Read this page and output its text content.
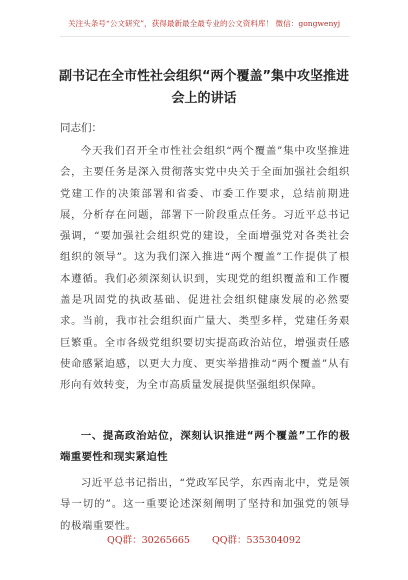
关注头条号“公文研究”，获得最新最全最专业的公文资料库！ 微信：gongwenyj
副书记在全市性社会组织“两个覆盖”集中攻坚推进会上的讲话

同志们：

今天我们召开全市性社会组织“两个覆盖”集中攻坚推进会，主要任务是深入贯彻落实党中央关于全面加强社会组织党建工作的决策部署和省委、市委工作要求，总结前期进展，分析存在问题，部署下一阶段重点任务。习近平总书记强调，“要加强社会组织党的建设，全面增强党对各类社会组织的领导”。这为我们深入推进“两个覆盖”工作提供了根本遵循。我们必须深刻认识到，实现党的组织覆盖和工作覆盖是巩固党的执政基础、促进社会组织健康发展的必然要求。当前，我市社会组织面广量大、类型多样，党建任务艰巨繁重。全市各级党组织要切实提高政治站位，增强责任感使命感紧迫感，以更大力度、更实举措推动“两个覆盖”从有形向有效转变，为全市高质量发展提供坚强组织保障。

一、提高政治站位，深刻认识推进“两个覆盖”工作的极端重要性和现实紧迫性

习近平总书记指出，“党政军民学，东西南北中，党是领导一切的”。这一重要论述深刻阐明了坚持和加强党的领导的极端重要性。

QQ群：30265665 QQ群：535304092
